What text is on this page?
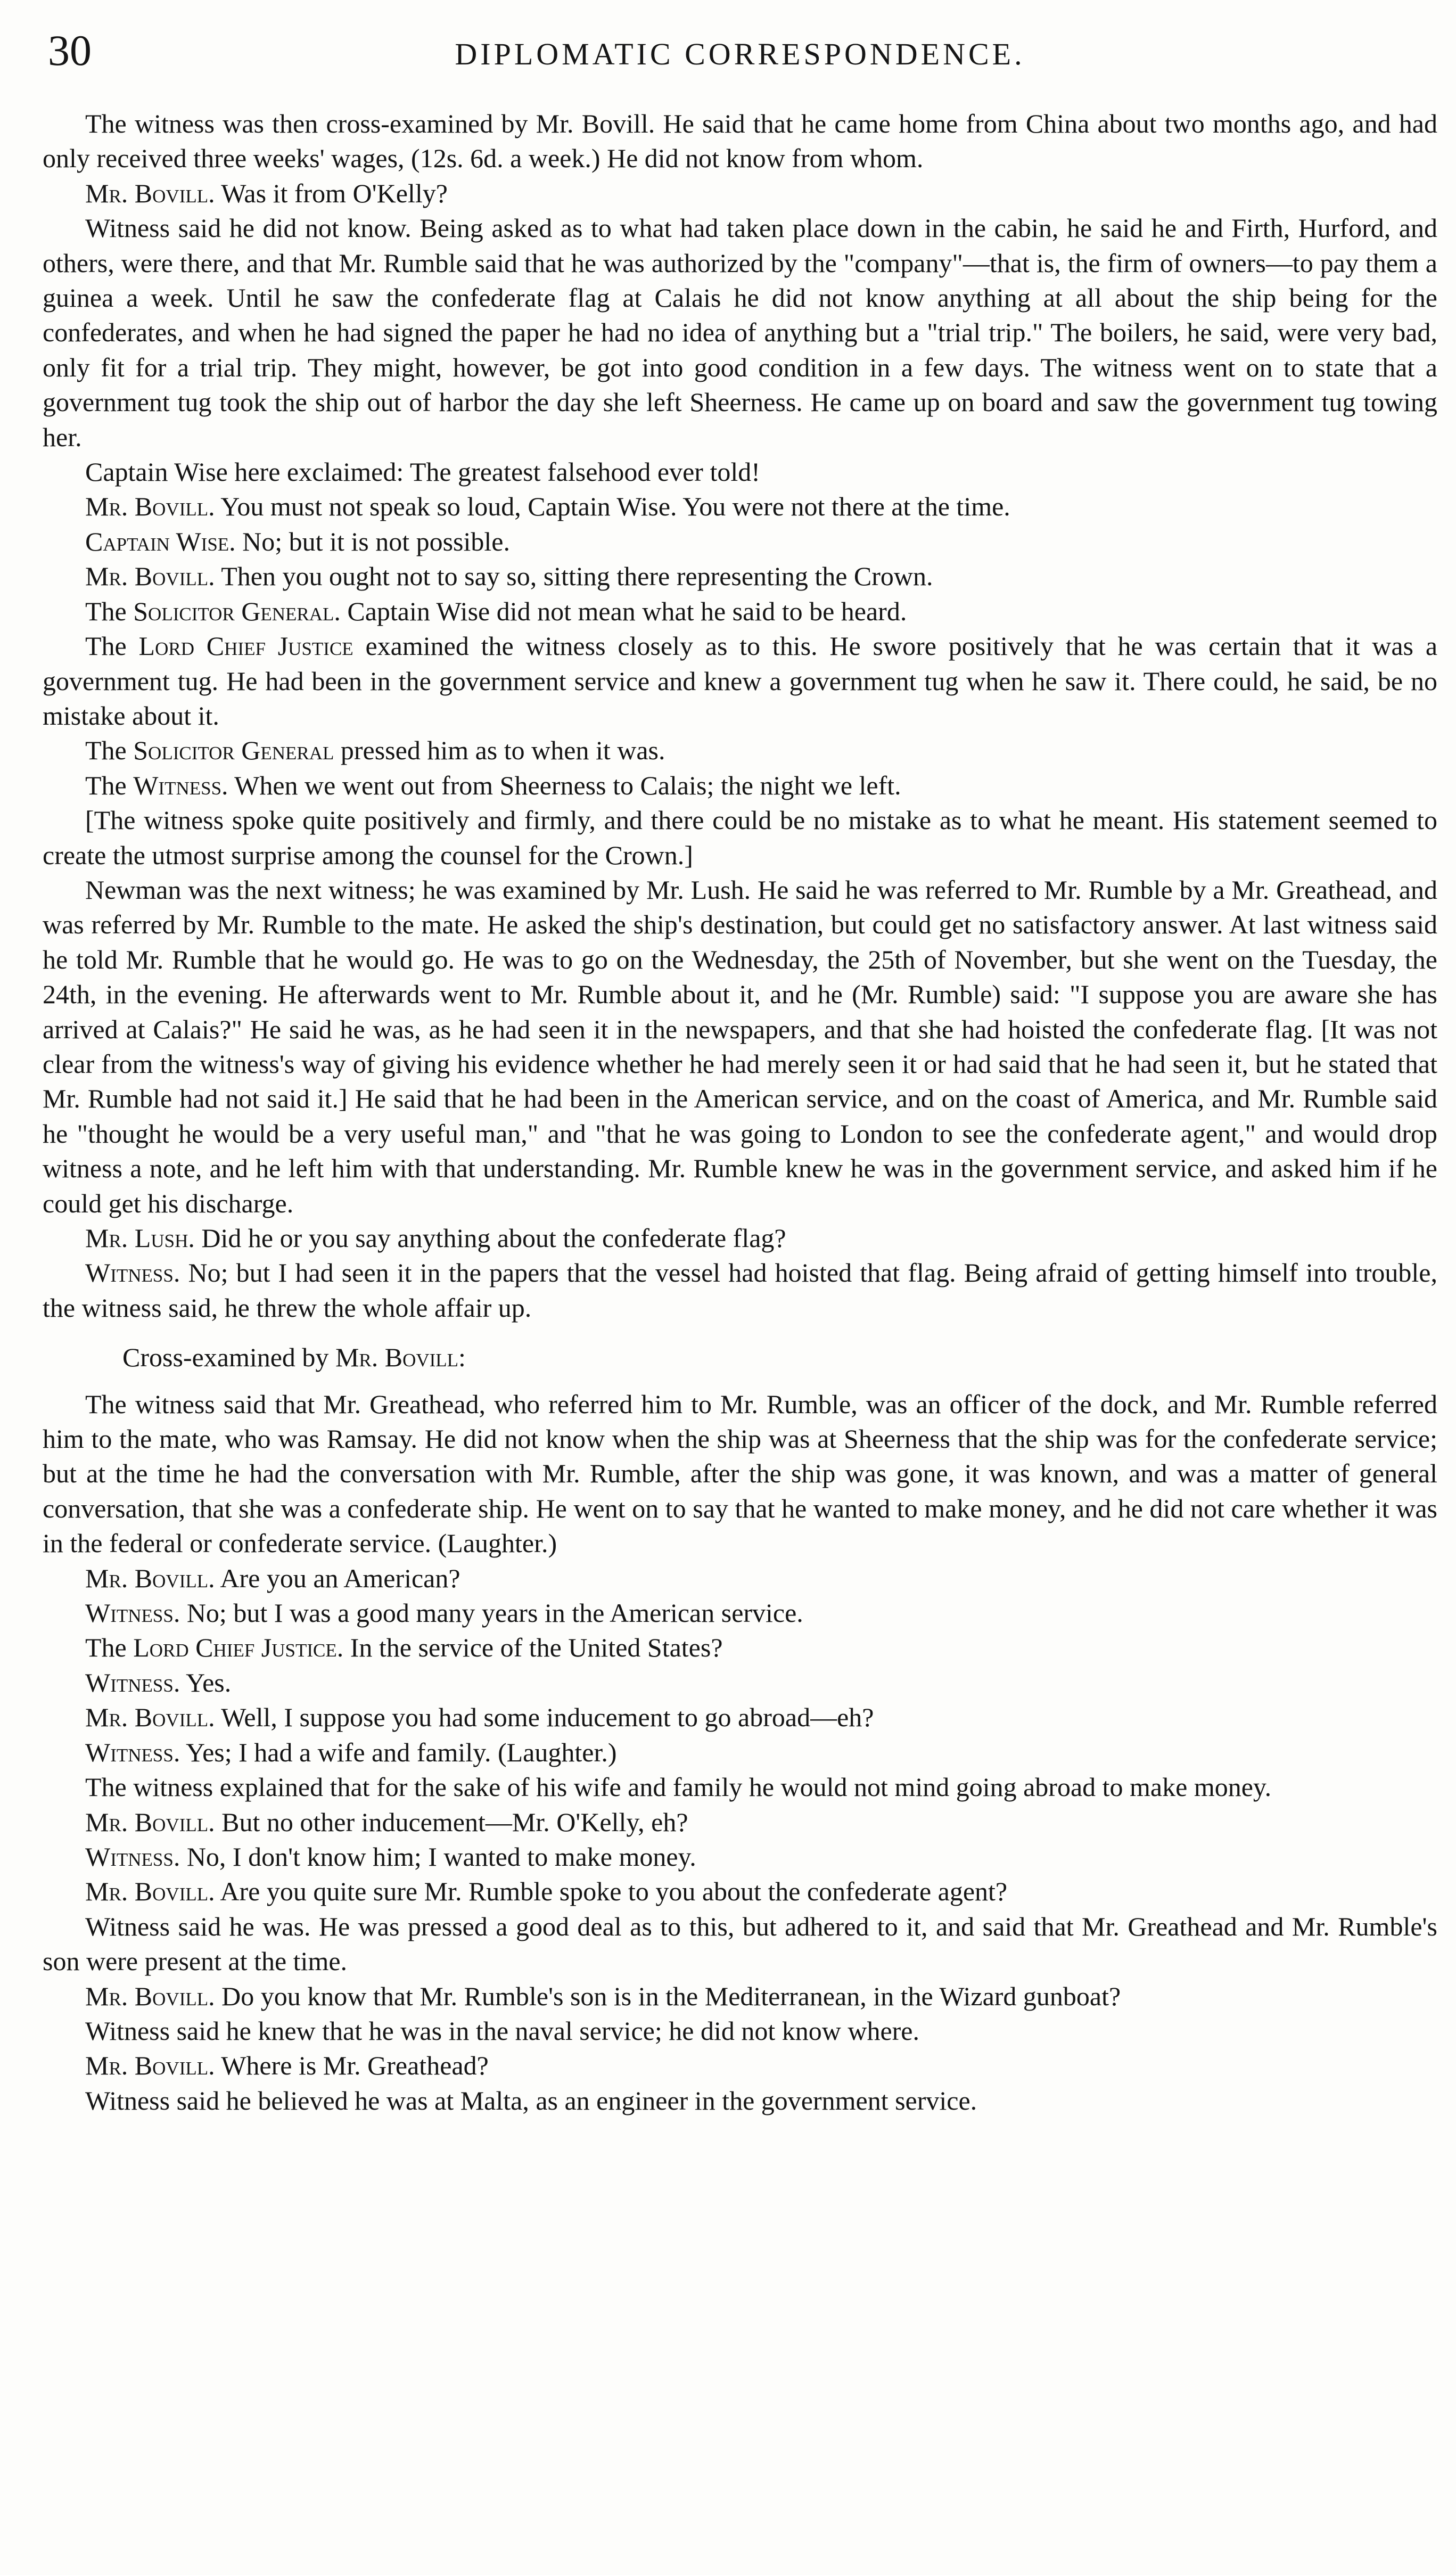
30	DIPLOMATIC CORRESPONDENCE.

The witness was then cross-examined by Mr. Bovill. He said that he came home from China about two months ago, and had only received three weeks' wages, (12s. 6d. a week.) He did not know from whom.

Mr. Bovill. Was it from O'Kelly?

Witness said he did not know. Being asked as to what had taken place down in the cabin, he said he and Firth, Hurford, and others, were there, and that Mr. Rumble said that he was authorized by the "company"—that is, the firm of owners—to pay them a guinea a week. Until he saw the confederate flag at Calais he did not know anything at all about the ship being for the confederates, and when he had signed the paper he had no idea of anything but a "trial trip." The boilers, he said, were very bad, only fit for a trial trip. They might, however, be got into good condition in a few days. The witness went on to state that a government tug took the ship out of harbor the day she left Sheerness. He came up on board and saw the government tug towing her.

Captain Wise here exclaimed: The greatest falsehood ever told!

Mr. Bovill. You must not speak so loud, Captain Wise. You were not there at the time.

Captain Wise. No; but it is not possible.

Mr. Bovill. Then you ought not to say so, sitting there representing the Crown.

The Solicitor General. Captain Wise did not mean what he said to be heard.

The Lord Chief Justice examined the witness closely as to this. He swore positively that he was certain that it was a government tug. He had been in the government service and knew a government tug when he saw it. There could, he said, be no mistake about it.

The Solicitor General pressed him as to when it was.

The Witness. When we went out from Sheerness to Calais; the night we left.

[The witness spoke quite positively and firmly, and there could be no mistake as to what he meant. His statement seemed to create the utmost surprise among the counsel for the Crown.]

Newman was the next witness; he was examined by Mr. Lush. He said he was referred to Mr. Rumble by a Mr. Greathead, and was referred by Mr. Rumble to the mate. He asked the ship's destination, but could get no satisfactory answer. At last witness said he told Mr. Rumble that he would go. He was to go on the Wednesday, the 25th of November, but she went on the Tuesday, the 24th, in the evening. He afterwards went to Mr. Rumble about it, and he (Mr. Rumble) said: "I suppose you are aware she has arrived at Calais?" He said he was, as he had seen it in the newspapers, and that she had hoisted the confederate flag. [It was not clear from the witness's way of giving his evidence whether he had merely seen it or had said that he had seen it, but he stated that Mr. Rumble had not said it.] He said that he had been in the American service, and on the coast of America, and Mr. Rumble said he "thought he would be a very useful man," and "that he was going to London to see the confederate agent," and would drop witness a note, and he left him with that understanding. Mr. Rumble knew he was in the government service, and asked him if he could get his discharge.

Mr. Lush. Did he or you say anything about the confederate flag?

Witness. No; but I had seen it in the papers that the vessel had hoisted that flag. Being afraid of getting himself into trouble, the witness said, he threw the whole affair up.

Cross-examined by Mr. Bovill:

The witness said that Mr. Greathead, who referred him to Mr. Rumble, was an officer of the dock, and Mr. Rumble referred him to the mate, who was Ramsay. He did not know when the ship was at Sheerness that the ship was for the confederate service; but at the time he had the conversation with Mr. Rumble, after the ship was gone, it was known, and was a matter of general conversation, that she was a confederate ship. He went on to say that he wanted to make money, and he did not care whether it was in the federal or confederate service. (Laughter.)

Mr. Bovill. Are you an American?

Witness. No; but I was a good many years in the American service.

The Lord Chief Justice. In the service of the United States?

Witness. Yes.

Mr. Bovill. Well, I suppose you had some inducement to go abroad—eh?

Witness. Yes; I had a wife and family. (Laughter.)

The witness explained that for the sake of his wife and family he would not mind going abroad to make money.

Mr. Bovill. But no other inducement—Mr. O'Kelly, eh?

Witness. No, I don't know him; I wanted to make money.

Mr. Bovill. Are you quite sure Mr. Rumble spoke to you about the confederate agent?

Witness said he was. He was pressed a good deal as to this, but adhered to it, and said that Mr. Greathead and Mr. Rumble's son were present at the time.

Mr. Bovill. Do you know that Mr. Rumble's son is in the Mediterranean, in the Wizard gunboat?

Witness said he knew that he was in the naval service; he did not know where.

Mr. Bovill. Where is Mr. Greathead?

Witness said he believed he was at Malta, as an engineer in the government service.
